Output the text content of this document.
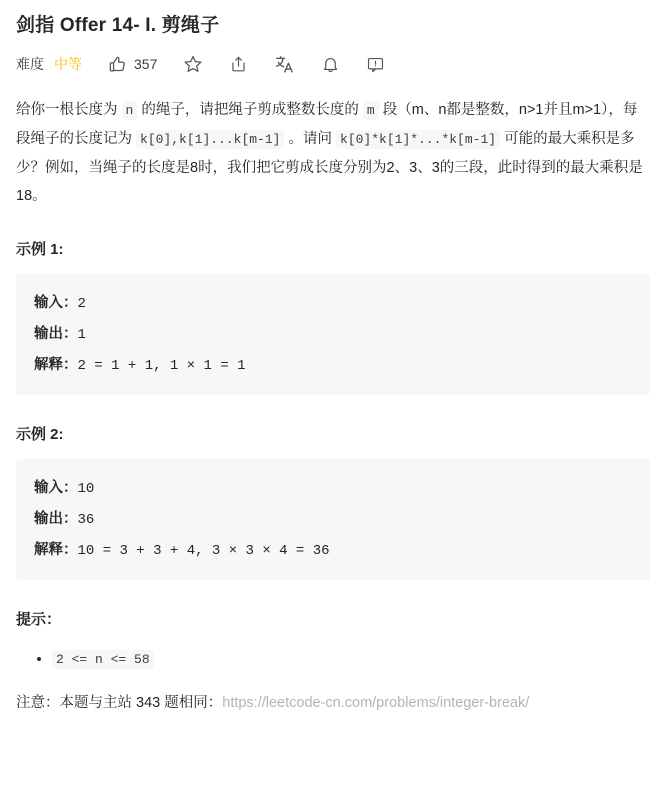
剑指 Offer 14- I. 剪绳子
难度 中等	357

给你一根长度为 n 的绳子，请把绳子剪成整数长度的 m 段（m、n都是整数，n>1并且m>1），每段绳子的长度记为 k[0],k[1]...k[m-1] 。请问 k[0]*k[1]*...*k[m-1] 可能的最大乘积是多少？例如，当绳子的长度是8时，我们把它剪成长度分别为2、3、3的三段，此时得到的最大乘积是18。

示例 1:
输入：2
输出：1
解释：2 = 1 + 1, 1 × 1 = 1
示例 2:
输入：10
输出：36
解释：10 = 3 + 3 + 4, 3 × 3 × 4 = 36
提示：
• 2 <= n <= 58

注意：本题与主站 343 题相同：https://leetcode-cn.com/problems/integer-break/
